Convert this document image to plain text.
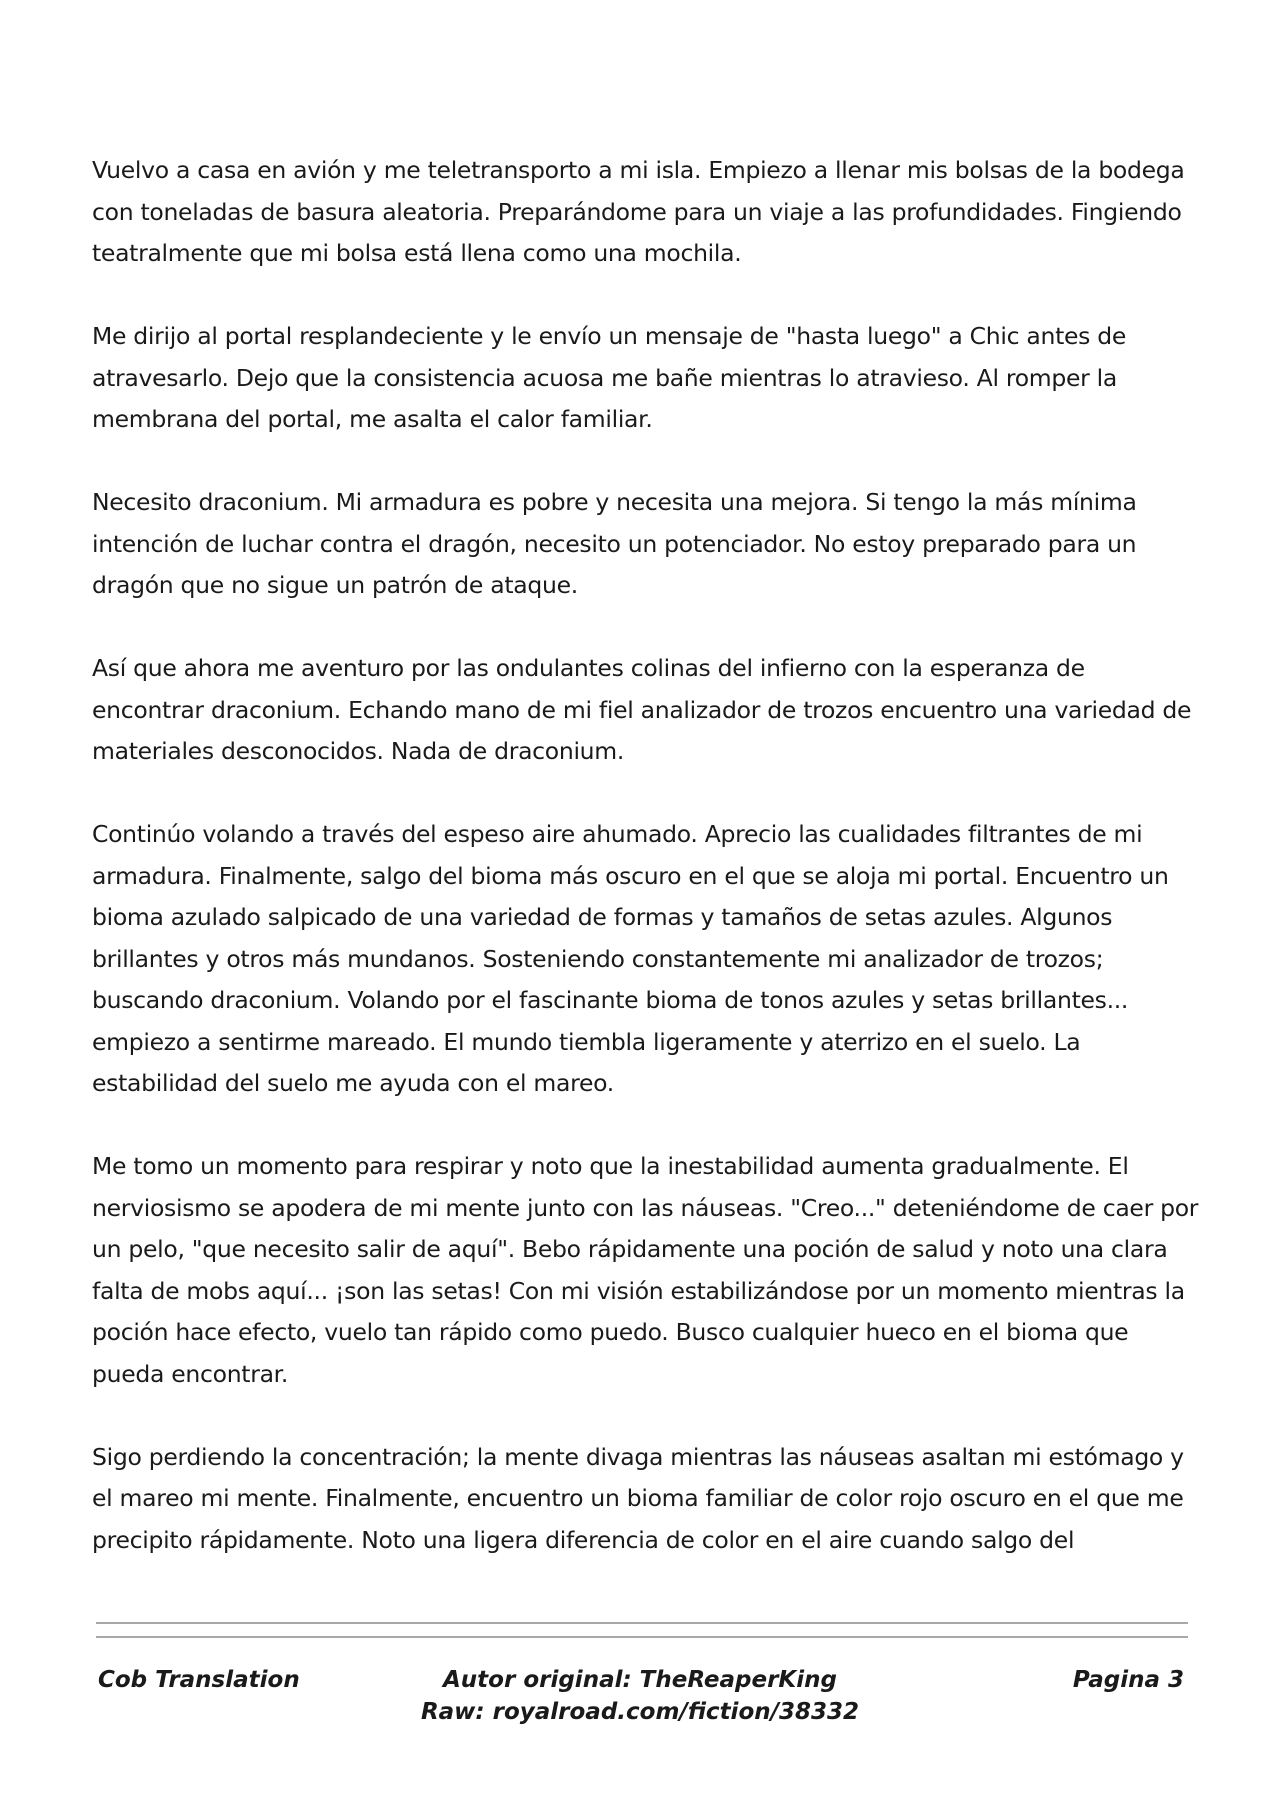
Vuelvo a casa en avión y me teletransporto a mi isla. Empiezo a llenar mis bolsas de la bodega con toneladas de basura aleatoria. Preparándome para un viaje a las profundidades. Fingiendo teatralmente que mi bolsa está llena como una mochila.

Me dirijo al portal resplandeciente y le envío un mensaje de "hasta luego" a Chic antes de atravesarlo. Dejo que la consistencia acuosa me bañe mientras lo atravieso. Al romper la membrana del portal, me asalta el calor familiar.

Necesito draconium. Mi armadura es pobre y necesita una mejora. Si tengo la más mínima intención de luchar contra el dragón, necesito un potenciador. No estoy preparado para un dragón que no sigue un patrón de ataque.

Así que ahora me aventuro por las ondulantes colinas del infierno con la esperanza de encontrar draconium. Echando mano de mi fiel analizador de trozos encuentro una variedad de materiales desconocidos. Nada de draconium.

Continúo volando a través del espeso aire ahumado. Aprecio las cualidades filtrantes de mi armadura. Finalmente, salgo del bioma más oscuro en el que se aloja mi portal. Encuentro un bioma azulado salpicado de una variedad de formas y tamaños de setas azules. Algunos brillantes y otros más mundanos. Sosteniendo constantemente mi analizador de trozos; buscando draconium. Volando por el fascinante bioma de tonos azules y setas brillantes... empiezo a sentirme mareado. El mundo tiembla ligeramente y aterrizo en el suelo. La estabilidad del suelo me ayuda con el mareo.

Me tomo un momento para respirar y noto que la inestabilidad aumenta gradualmente. El nerviosismo se apodera de mi mente junto con las náuseas. "Creo..." deteniéndome de caer por un pelo, "que necesito salir de aquí". Bebo rápidamente una poción de salud y noto una clara falta de mobs aquí... ¡son las setas! Con mi visión estabilizándose por un momento mientras la poción hace efecto, vuelo tan rápido como puedo. Busco cualquier hueco en el bioma que pueda encontrar.

Sigo perdiendo la concentración; la mente divaga mientras las náuseas asaltan mi estómago y el mareo mi mente. Finalmente, encuentro un bioma familiar de color rojo oscuro en el que me precipito rápidamente. Noto una ligera diferencia de color en el aire cuando salgo del

Cob Translation	Autor original: TheReaperKing
Raw: royalroad.com/fiction/38332
Pagina 3
